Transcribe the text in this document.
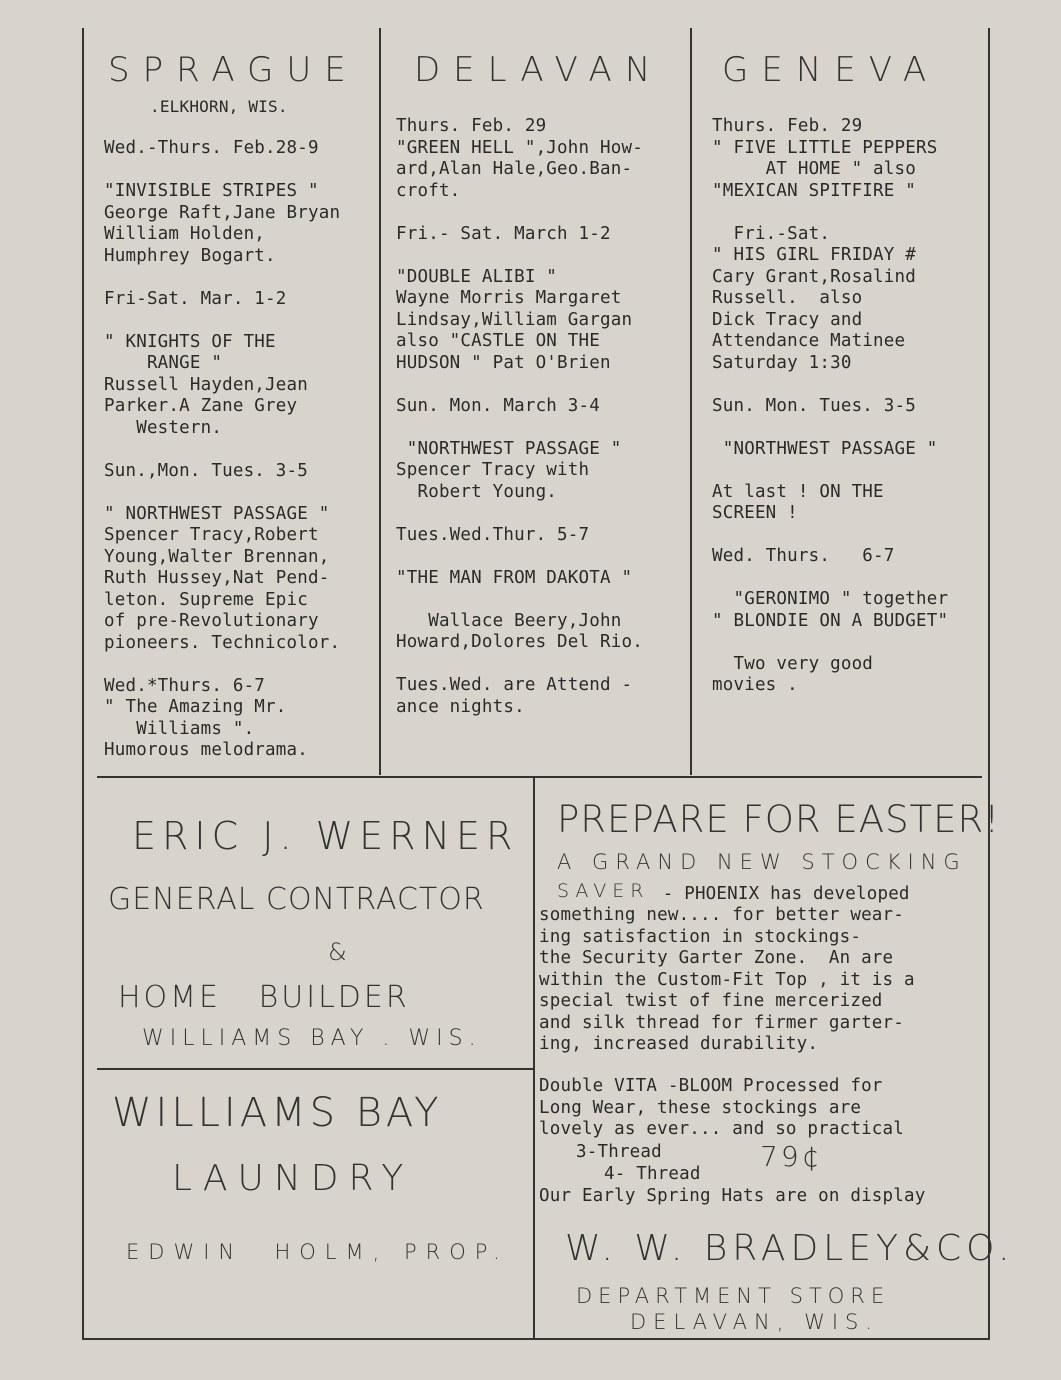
SPRAGUE
.ELKHORN, WIS.
Wed.-Thurs. Feb.28-9
"INVISIBLE STRIPES "
George Raft,Jane Bryan
William Holden,
Humphrey Bogart.
Fri-Sat. Mar. 1-2
" KNIGHTS OF THE
RANGE "
Russell Hayden,Jean
Parker.A Zane Grey
Western.
Sun.,Mon. Tues. 3-5
" NORTHWEST PASSAGE "
Spencer Tracy,Robert
Young,Walter Brennan,
Ruth Hussey,Nat Pend-
leton. Supreme Epic
of pre-Revolutionary
pioneers. Technicolor.
Wed.*Thurs. 6-7
" The Amazing Mr.
Williams ".
Humorous melodrama.
DELAVAN
Thurs. Feb. 29
"GREEN HELL ",John How-
ard,Alan Hale,Geo.Ban-
croft.
Fri.- Sat. March 1-2
"DOUBLE ALIBI "
Wayne Morris Margaret
Lindsay,William Gargan
also "CASTLE ON THE
HUDSON " Pat O'Brien
Sun. Mon. March 3-4
"NORTHWEST PASSAGE "
Spencer Tracy with
Robert Young.
Tues.Wed.Thur. 5-7
"THE MAN FROM DAKOTA "
Wallace Beery,John
Howard,Dolores Del Rio.
Tues.Wed. are Attend -
ance nights.
GENEVA
Thurs. Feb. 29
" FIVE LITTLE PEPPERS
AT HOME " also
"MEXICAN SPITFIRE "
Fri.-Sat.
" HIS GIRL FRIDAY #
Cary Grant,Rosalind
Russell.  also
Dick Tracy and
Attendance Matinee
Saturday 1:30
Sun. Mon. Tues. 3-5
"NORTHWEST PASSAGE "
At last ! ON THE
SCREEN !
Wed. Thurs.   6-7
"GERONIMO " together
" BLONDIE ON A BUDGET"
Two very good
movies .
ERIC J. WERNER
GENERAL CONTRACTOR
&
HOME   BUILDER
WILLIAMS BAY . WIS.
PREPARE FOR EASTER!
A GRAND NEW STOCKING
SAVER - PHOENIX has developed
something new.... for better wear-
ing satisfaction in stockings-
the Security Garter Zone.  An are
within the Custom-Fit Top , it is a
special twist of fine mercerized
and silk thread for firmer garter-
ing, increased durability.
WILLIAMS BAY
LAUNDRY
EDWIN  HOLM, PROP.
Double VITA -BLOOM Processed for
Long Wear, these stockings are
lovely as ever... and so practical
3-Thread
4- Thread
79¢
Our Early Spring Hats are on display
W. W. BRADLEY&CO.
DEPARTMENT STORE
DELAVAN, WIS.
